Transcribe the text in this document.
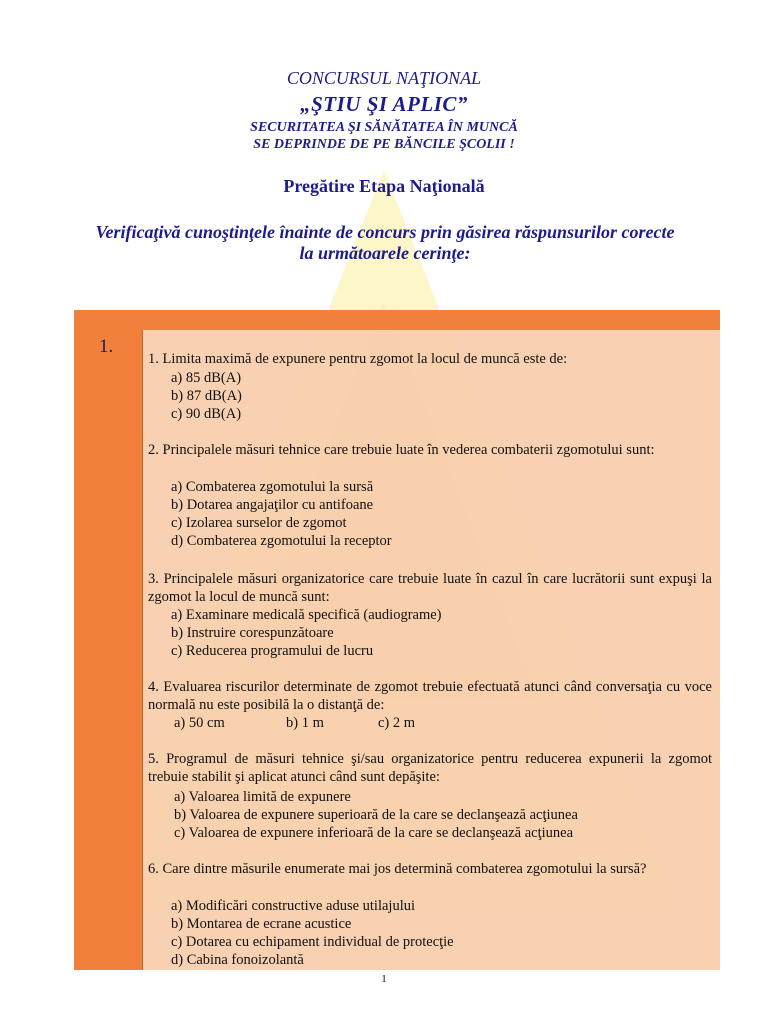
CONCURSUL NAŢIONAL
„ŞTIU ŞI APLIC”
SECURITATEA ŞI SĂNĂTATEA ÎN MUNCĂ
SE DEPRINDE DE PE BĂNCILE ŞCOLII !
Pregătire Etapa Naţională
Verificaţivă cunoştinţele înainte de concurs prin găsirea răspunsurilor corecte la următoarele cerinţe:
1.
1. Limita maximă de expunere pentru zgomot la locul de muncă este de:
a) 85 dB(A)
b) 87 dB(A)
c) 90 dB(A)
2. Principalele măsuri tehnice care trebuie luate în vederea combaterii zgomotului sunt:
a) Combaterea zgomotului la sursă
b) Dotarea angajaţilor cu antifoane
c) Izolarea surselor de zgomot
d) Combaterea zgomotului la receptor
3. Principalele măsuri organizatorice care trebuie luate în cazul în care lucrătorii sunt expuşi la zgomot la locul de muncă sunt:
a) Examinare medicală specifică (audiograme)
b) Instruire corespunzătoare
c) Reducerea programului de lucru
4. Evaluarea riscurilor determinate de zgomot trebuie efectuată atunci când conversaţia cu voce normală nu este posibilă la o distanţă de:
a) 50 cm	b) 1 m	c) 2 m
5. Programul de măsuri tehnice şi/sau organizatorice pentru reducerea expunerii la zgomot trebuie stabilit şi aplicat atunci când sunt depăşite:
a) Valoarea limită de expunere
b) Valoarea de expunere superioară de la care se declanşează acţiunea
c) Valoarea de expunere inferioară de la care se declanşează acţiunea
6. Care dintre măsurile enumerate mai jos determină combaterea zgomotului la sursă?
a) Modificări constructive aduse utilajului
b) Montarea de ecrane acustice
c) Dotarea cu echipament individual de protecţie
d) Cabina fonoizolantă
1
